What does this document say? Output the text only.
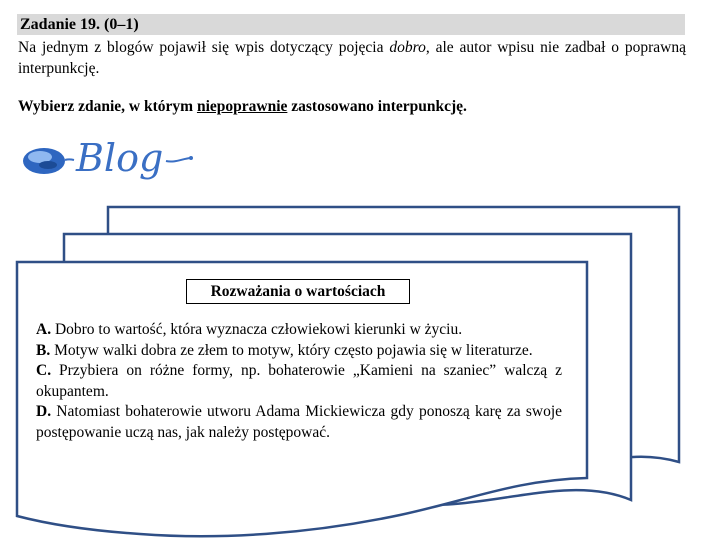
Zadanie 19. (0–1)
Na jednym z blogów pojawił się wpis dotyczący pojęcia dobro, ale autor wpisu nie zadbał o poprawną interpunkcję.
Wybierz zdanie, w którym niepoprawnie zastosowano interpunkcję.
Blog
Rozważania o wartościach

A. Dobro to wartość, która wyznacza człowiekowi kierunki w życiu.

B. Motyw walki dobra ze złem to motyw, który często pojawia się w literaturze.

C. Przybiera on różne formy, np. bohaterowie „Kamieni na szaniec” walczą z okupantem.

D. Natomiast bohaterowie utworu Adama Mickiewicza gdy ponoszą karę za swoje postępowanie uczą nas, jak należy postępować.
